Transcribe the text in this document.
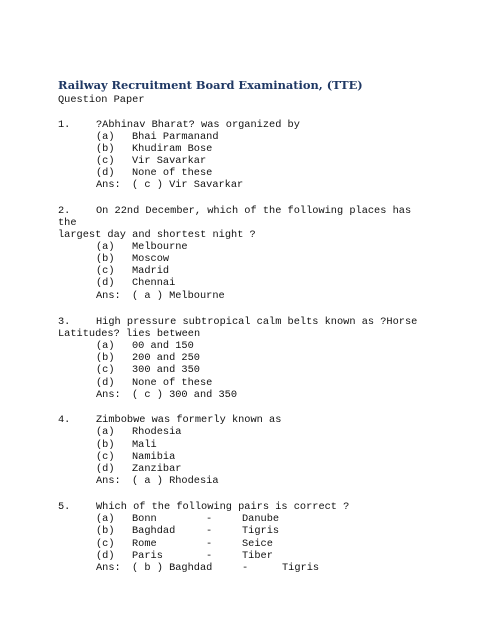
Railway Recruitment Board Examination, (TTE)
Question Paper
1. ?Abhinav Bharat? was organized by
(a) Bhai Parmanand
(b) Khudiram Bose
(c) Vir Savarkar
(d) None of these
Ans: ( c ) Vir Savarkar
2. On 22nd December, which of the following places has
the
largest day and shortest night ?
(a) Melbourne
(b) Moscow
(c) Madrid
(d) Chennai
Ans: ( a ) Melbourne
3. High pressure subtropical calm belts known as ?Horse
Latitudes? lies between
(a) 00 and 150
(b) 200 and 250
(c) 300 and 350
(d) None of these
Ans: ( c ) 300 and 350
4. Zimbobwe was formerly known as
(a) Rhodesia
(b) Mali
(c) Namibia
(d) Zanzibar
Ans: ( a ) Rhodesia
5. Which of the following pairs is correct ?
(a) Bonn	-	Danube
(b) Baghdad	-	Tigris
(c) Rome	-	Seice
(d) Paris	-	Tiber
Ans: ( b ) Baghdad	-	Tigris
